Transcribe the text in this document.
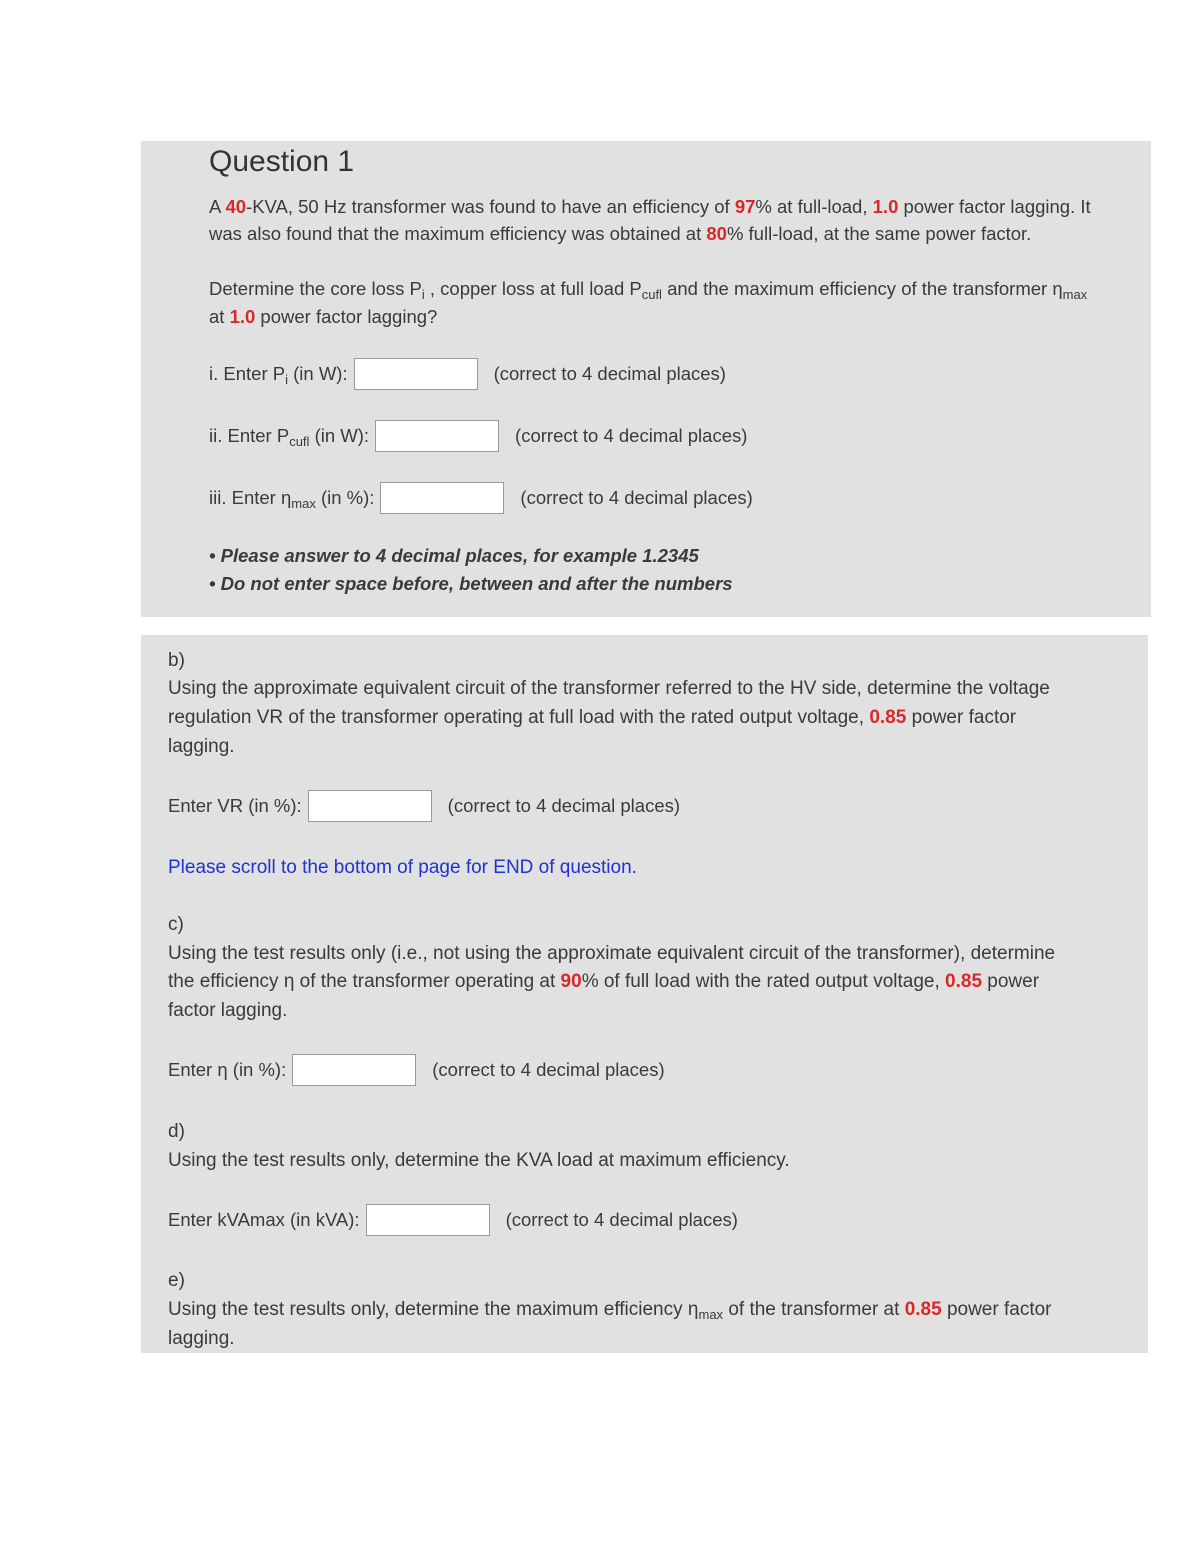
Question 1
A 40-KVA, 50 Hz transformer was found to have an efficiency of 97% at full-load, 1.0 power factor lagging. It
was also found that the maximum efficiency was obtained at 80% full-load, at the same power factor.
Determine the core loss $P_i$ , copper loss at full load $P_{cufl}$ and the maximum efficiency of the transformer $\eta_{max}$
at 1.0 power factor lagging?
i. Enter $P_i$ (in W):	(correct to 4 decimal places)
ii. Enter $P_{cufl}$ (in W):	(correct to 4 decimal places)
iii. Enter $\eta_{max}$ (in %):	(correct to 4 decimal places)
• Please answer to 4 decimal places, for example 1.2345
• Do not enter space before, between and after the numbers
b)
Using the approximate equivalent circuit of the transformer referred to the HV side, determine the voltage
regulation VR of the transformer operating at full load with the rated output voltage, 0.85 power factor
lagging.
Enter VR (in %):	(correct to 4 decimal places)
Please scroll to the bottom of page for END of question.
c)
Using the test results only (i.e., not using the approximate equivalent circuit of the transformer), determine
the efficiency η of the transformer operating at 90% of full load with the rated output voltage, 0.85 power
factor lagging.
Enter η (in %):	(correct to 4 decimal places)
d)
Using the test results only, determine the KVA load at maximum efficiency.
Enter kVAmax (in kVA):	(correct to 4 decimal places)
e)
Using the test results only, determine the maximum efficiency $\eta_{max}$ of the transformer at 0.85 power factor
lagging.
